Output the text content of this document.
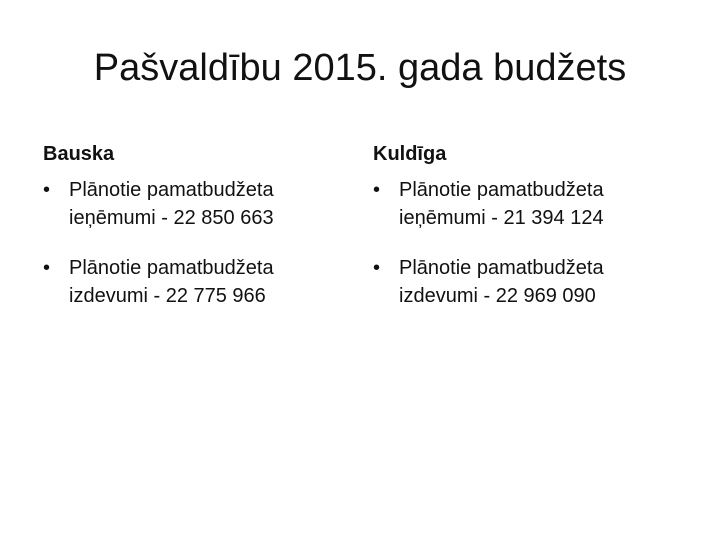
Pašvaldību 2015. gada budžets
Bauska
• Plānotie pamatbudžeta ieņēmumi - 22 850 663
• Plānotie pamatbudžeta izdevumi - 22 775 966
Kuldīga
• Plānotie pamatbudžeta ieņēmumi - 21 394 124
• Plānotie pamatbudžeta izdevumi - 22 969 090
